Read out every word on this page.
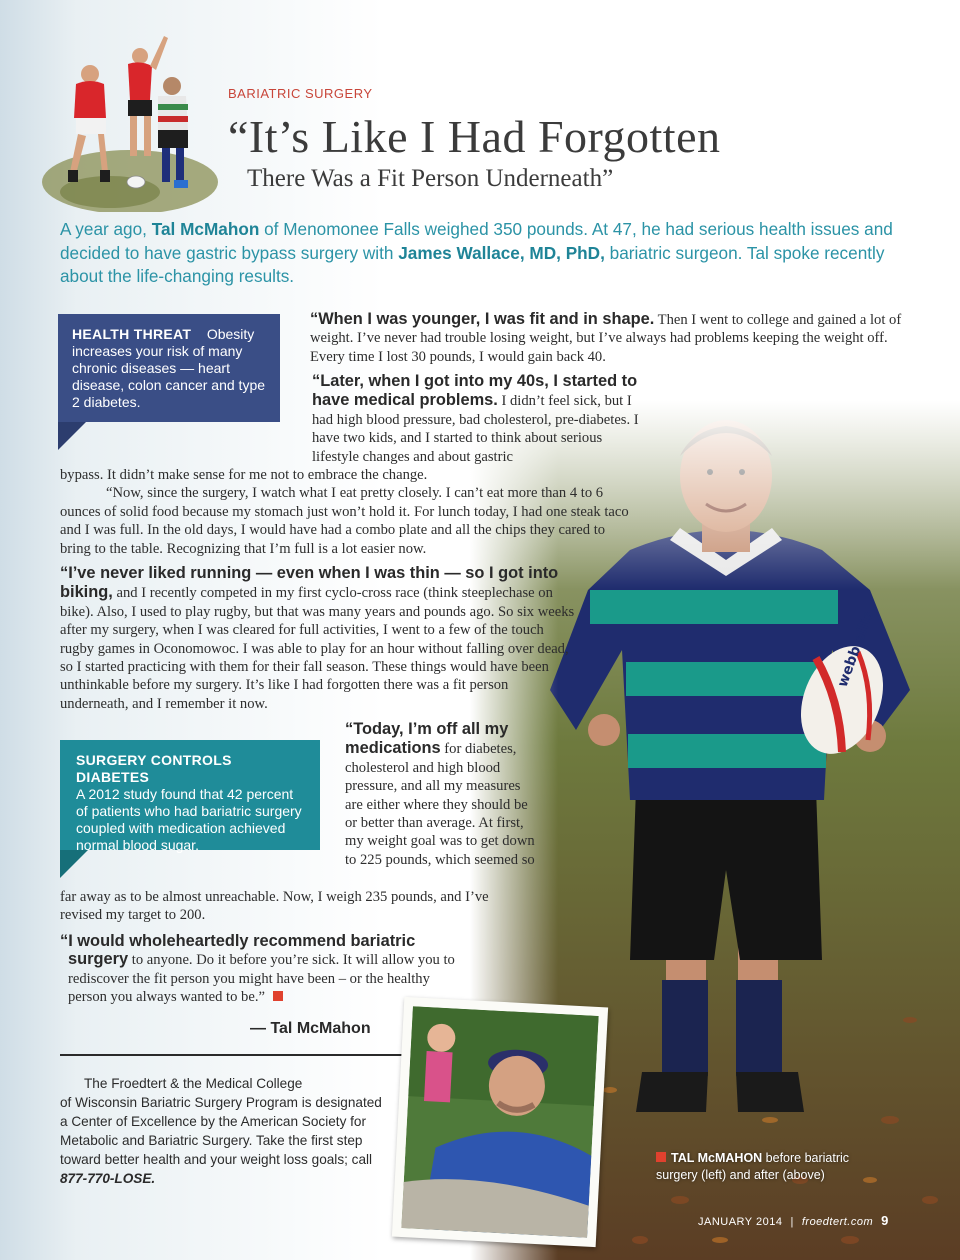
BARIATRIC SURGERY
“It’s Like I Had Forgotten
There Was a Fit Person Underneath”
A year ago, Tal McMahon of Menomonee Falls weighed 350 pounds. At 47, he had serious health issues and decided to have gastric bypass surgery with James Wallace, MD, PhD, bariatric surgeon. Tal spoke recently about the life-changing results.
HEALTH THREAT Obesity increases your risk of many chronic diseases — heart disease, colon cancer and type 2 diabetes.
“When I was younger, I was fit and in shape. Then I went to college and gained a lot of weight. I’ve never had trouble losing weight, but I’ve always had problems keeping the weight off. Every time I lost 30 pounds, I would gain back 40.
“Later, when I got into my 40s, I started to have medical problems. I didn’t feel sick, but I had high blood pressure, bad cholesterol, pre-diabetes. I have two kids, and I started to think about serious lifestyle changes and about gastric
bypass. It didn’t make sense for me not to embrace the change.
“Now, since the surgery, I watch what I eat pretty closely. I can’t eat more than 4 to 6 ounces of solid food because my stomach just won’t hold it. For lunch today, I had one steak taco and I was full. In the old days, I would have had a combo plate and all the chips they cared to bring to the table. Recognizing that I’m full is a lot easier now.
“I’ve never liked running — even when I was thin — so I got into biking, and I recently competed in my first cyclo-cross race (think steeplechase on bike). Also, I used to play rugby, but that was many years and pounds ago. So six weeks after my surgery, when I was cleared for full activities, I went to a few of the touch rugby games in Oconomowoc. I was able to play for an hour without falling over dead, so I started practicing with them for their fall season. These things would have been unthinkable before my surgery. It’s like I had forgotten there was a fit person underneath, and I remember it now.
SURGERY CONTROLS DIABETES
A 2012 study found that 42 percent of patients who had bariatric surgery coupled with medication achieved normal blood sugar.
“Today, I’m off all my medications for diabetes, cholesterol and high blood pressure, and all my measures are either where they should be or better than average. At first, my weight goal was to get down to 225 pounds, which seemed so
far away as to be almost unreachable. Now, I weigh 235 pounds, and I’ve revised my target to 200.
“I would wholeheartedly recommend bariatric
surgery to anyone. Do it before you’re sick. It will allow you to rediscover the fit person you might have been – or the healthy person you always wanted to be.”
— Tal McMahon
The Froedtert & the Medical College
of Wisconsin Bariatric Surgery Program is designated a Center of Excellence by the American Society for Metabolic and Bariatric Surgery. Take the first step toward better health and your weight loss goals; call 877-770-LOSE.
TAL McMAHON before bariatric surgery (left) and after (above)
JANUARY 2014 | froedtert.com 9
